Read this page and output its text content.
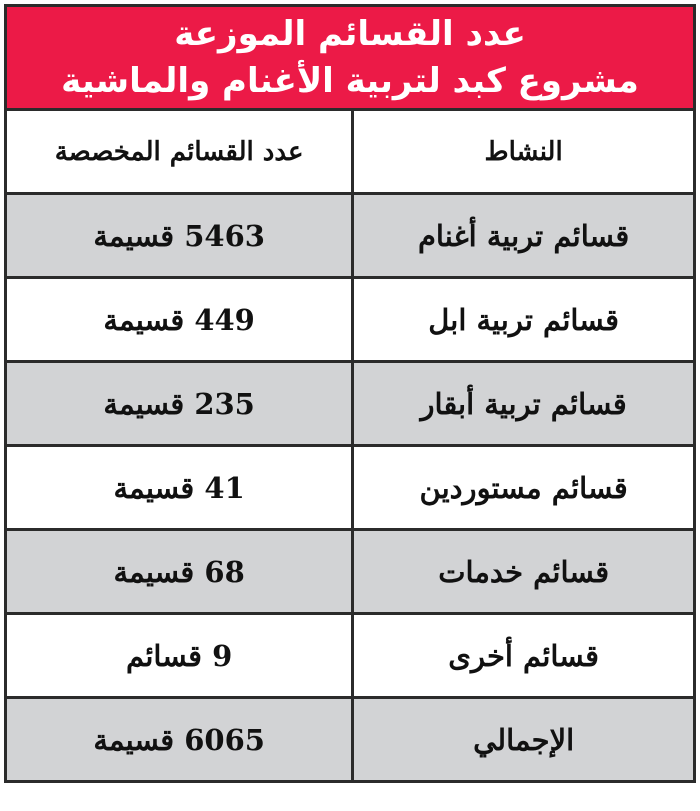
عدد القسائم الموزعة
مشروع كبد لتربية الأغنام والماشية
النشاط	عدد القسائم المخصصة
قسائم تربية أغنام	5463 قسيمة
قسائم تربية ابل	449 قسيمة
قسائم تربية أبقار	235 قسيمة
قسائم مستوردين	41 قسيمة
قسائم خدمات	68 قسيمة
قسائم أخرى	9 قسائم
الإجمالي	6065 قسيمة
